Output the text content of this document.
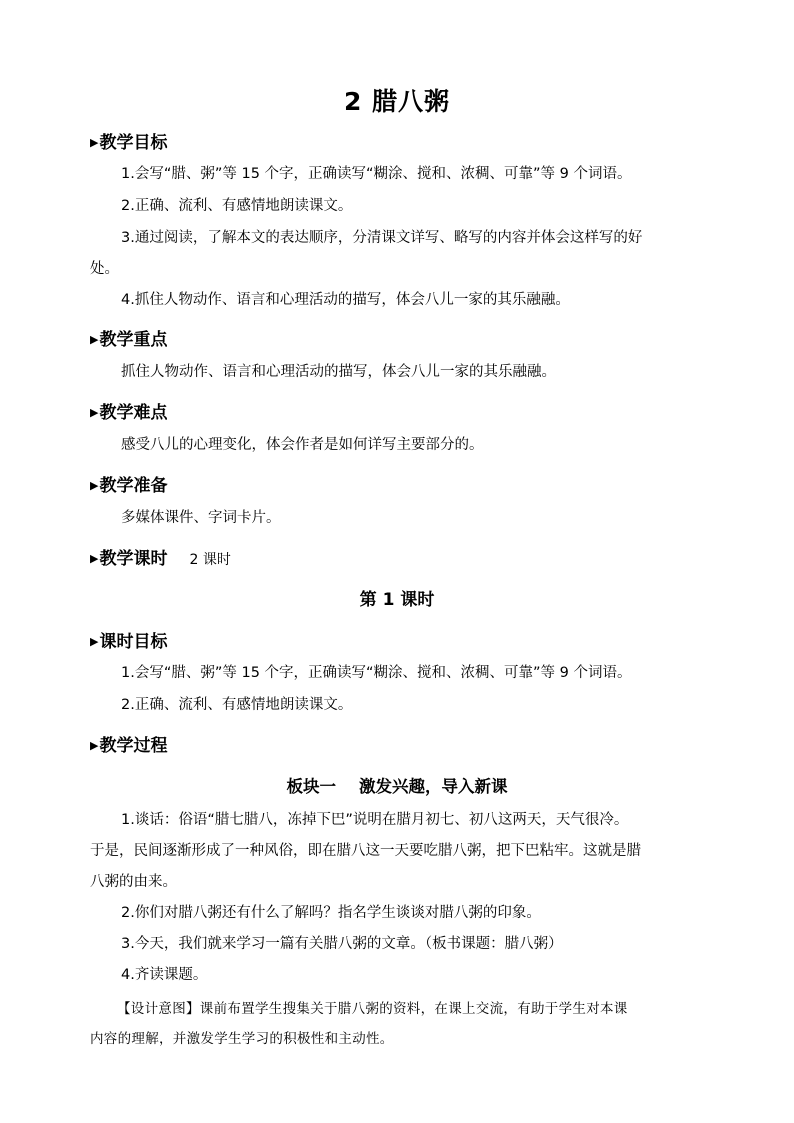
2 腊八粥
▶教学目标
1.会写“腊、粥”等 15 个字，正确读写“糊涂、搅和、浓稠、可靠”等 9 个词语。
2.正确、流利、有感情地朗读课文。
3.通过阅读，了解本文的表达顺序，分清课文详写、略写的内容并体会这样写的好
处。
4.抓住人物动作、语言和心理活动的描写，体会八儿一家的其乐融融。
▶教学重点
抓住人物动作、语言和心理活动的描写，体会八儿一家的其乐融融。
▶教学难点
感受八儿的心理变化，体会作者是如何详写主要部分的。
▶教学准备
多媒体课件、字词卡片。
▶教学课时 2 课时
第 1 课时
▶课时目标
1.会写“腊、粥”等 15 个字，正确读写“糊涂、搅和、浓稠、可靠”等 9 个词语。
2.正确、流利、有感情地朗读课文。
▶教学过程
板块一    激发兴趣，导入新课
1.谈话：俗语“腊七腊八，冻掉下巴”说明在腊月初七、初八这两天，天气很冷。
于是，民间逐渐形成了一种风俗，即在腊八这一天要吃腊八粥，把下巴粘牢。这就是腊
八粥的由来。
2.你们对腊八粥还有什么了解吗？指名学生谈谈对腊八粥的印象。
3.今天，我们就来学习一篇有关腊八粥的文章。（板书课题：腊八粥）
4.齐读课题。
【设计意图】课前布置学生搜集关于腊八粥的资料，在课上交流，有助于学生对本课
内容的理解，并激发学生学习的积极性和主动性。
